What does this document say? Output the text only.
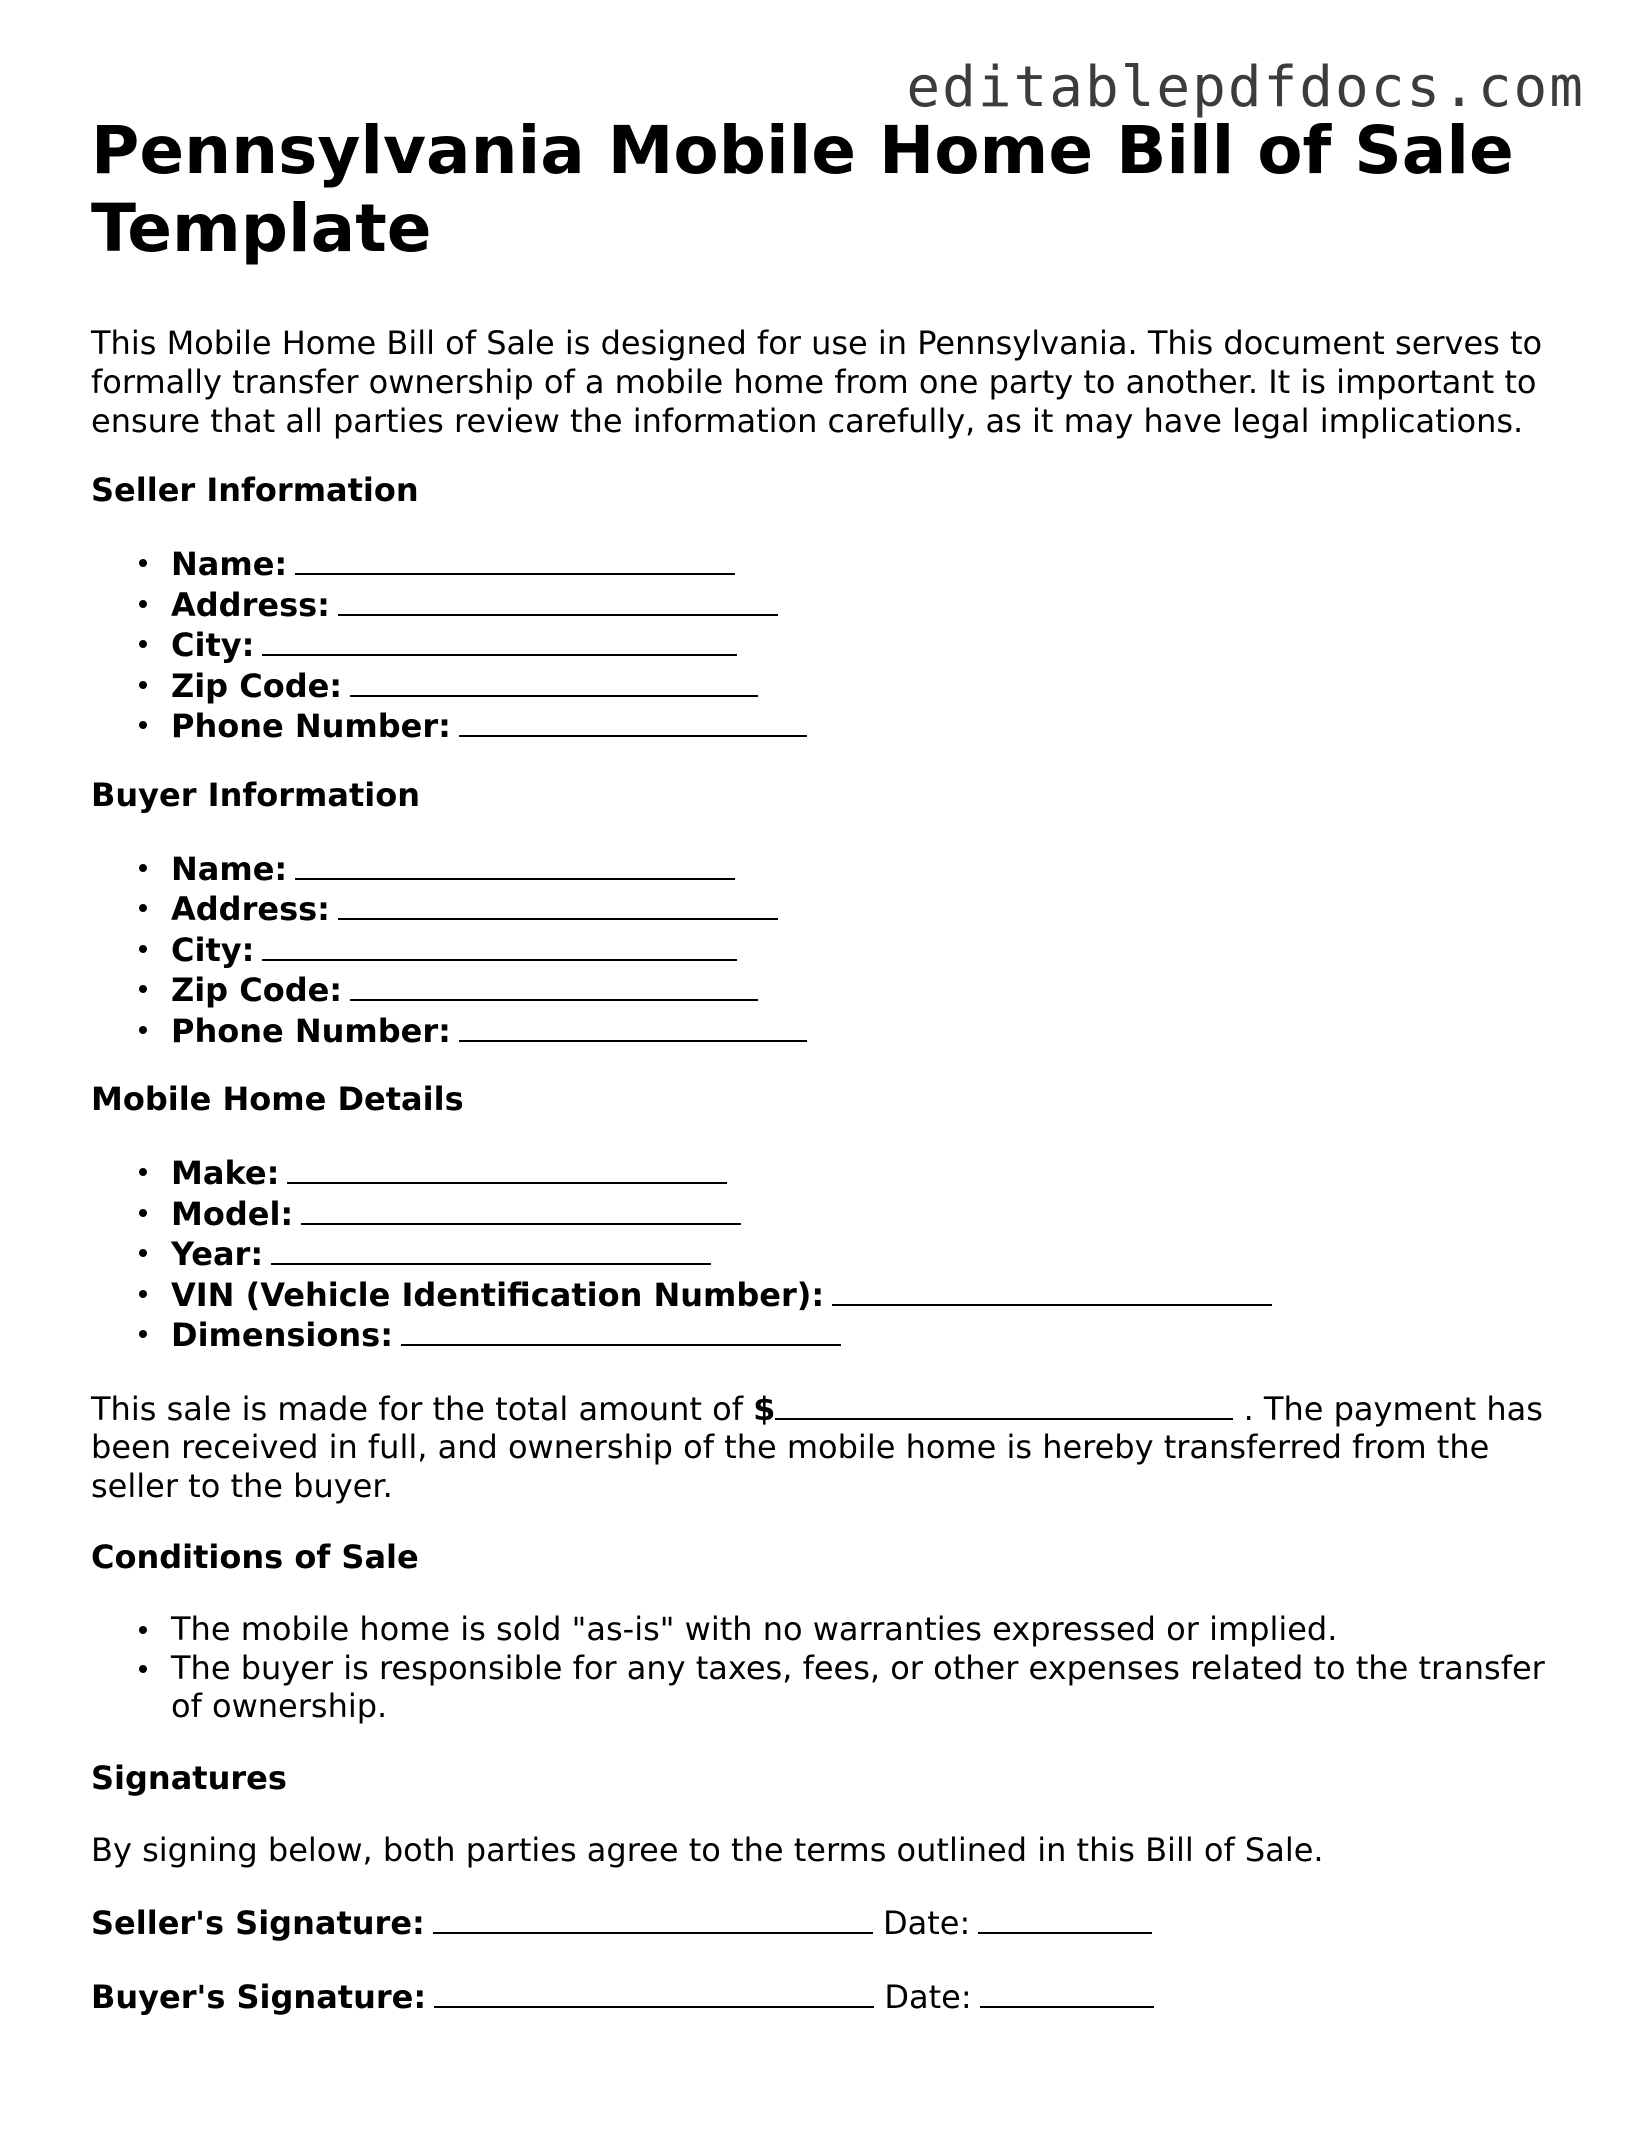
editablepdfdocs.com
Pennsylvania Mobile Home Bill of Sale Template

This Mobile Home Bill of Sale is designed for use in Pennsylvania. This document serves to formally transfer ownership of a mobile home from one party to another. It is important to ensure that all parties review the information carefully, as it may have legal implications.

Seller Information
Name:
Address:
City:
Zip Code:
Phone Number:
Buyer Information
Name:
Address:
City:
Zip Code:
Phone Number:
Mobile Home Details
Make:
Model:
Year:
VIN (Vehicle Identification Number):
Dimensions:

This sale is made for the total amount of $	. The payment has been received in full, and ownership of the mobile home is hereby transferred from the seller to the buyer.

Conditions of Sale
The mobile home is sold "as-is" with no warranties expressed or implied.
The buyer is responsible for any taxes, fees, or other expenses related to the transfer of ownership.
Signatures

By signing below, both parties agree to the terms outlined in this Bill of Sale.

Seller's Signature:	Date:
Buyer's Signature:	Date:
